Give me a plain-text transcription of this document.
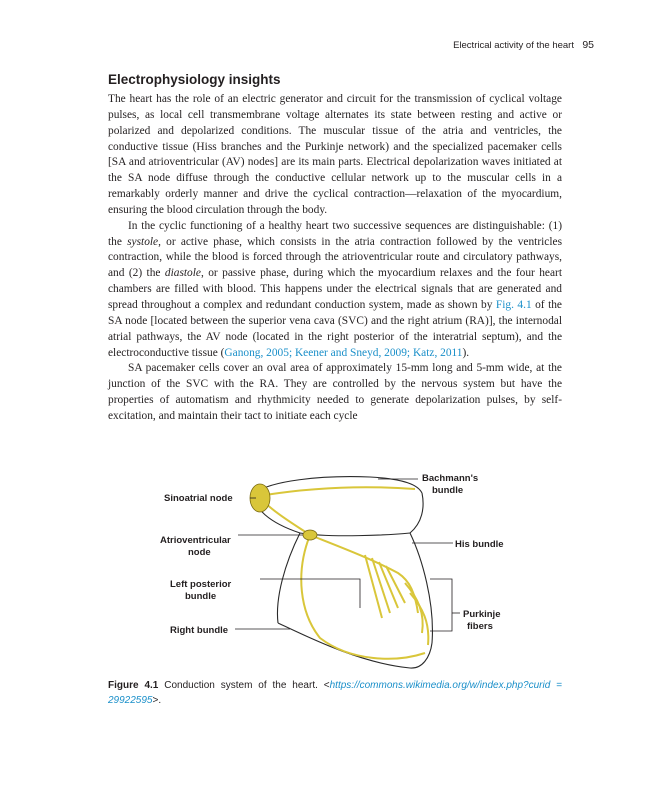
Electrical activity of the heart 95
Electrophysiology insights

The heart has the role of an electric generator and circuit for the transmission of cyclical voltage pulses, as local cell transmembrane voltage alternates its state between resting and active or polarized and depolarized conditions. The muscular tissue of the atria and ventricles, the conductive tissue (Hiss branches and the Purkinje network) and the specialized pacemaker cells [SA and atrioventricular (AV) nodes] are its main parts. Electrical depolarization waves initiated at the SA node diffuse through the conductive cellular network up to the muscular cells in a remarkably orderly manner and drive the cyclical contraction—relaxation of the myocardium, ensuring the blood circulation through the body.

In the cyclic functioning of a healthy heart two successive sequences are distinguishable: (1) the systole, or active phase, which consists in the atria contraction followed by the ventricles contraction, while the blood is forced through the atrioventricular route and circulatory pathways, and (2) the diastole, or passive phase, during which the myocardium relaxes and the four heart chambers are filled with blood. This happens under the electrical signals that are generated and spread throughout a complex and redundant conduction system, made as shown by Fig. 4.1 of the SA node [located between the superior vena cava (SVC) and the right atrium (RA)], the internodal atrial pathways, the AV node (located in the right posterior of the interatrial septum), and the electroconductive tissue (Ganong, 2005; Keener and Sneyd, 2009; Katz, 2011).

SA pacemaker cells cover an oval area of approximately 15-mm long and 5-mm wide, at the junction of the SVC with the RA. They are controlled by the nervous system but have the properties of automatism and rhythmicity needed to generate depolarization pulses, by self-excitation, and maintain their tact to initiate each cycle

Sinoatrial node
Atrioventricular
node
Left posterior
bundle
Right bundle
Bachmann's
bundle
His bundle
Purkinje
fibers
Figure 4.1 Conduction system of the heart. <https://commons.wikimedia.org/w/index.php?curid = 29922595>.
